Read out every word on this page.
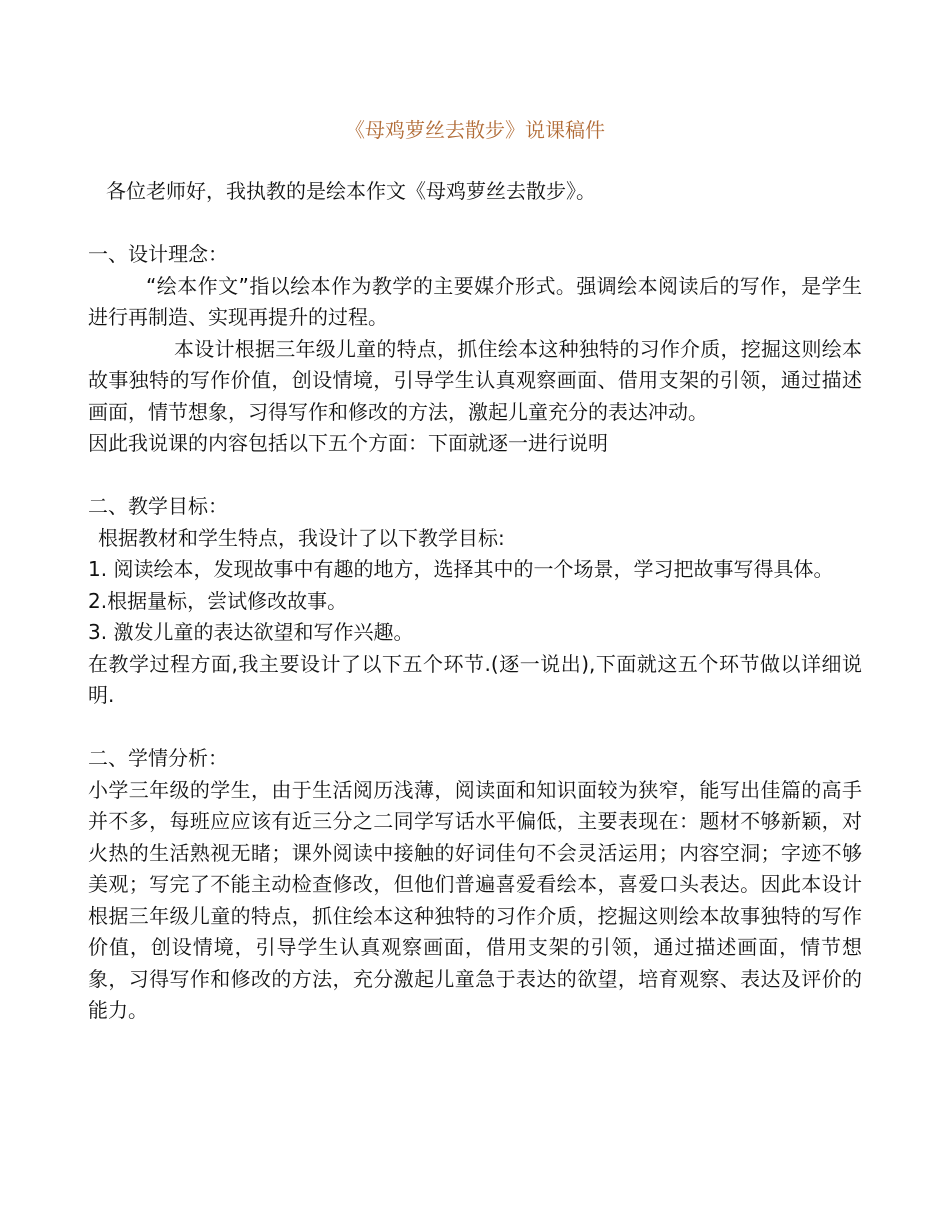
《母鸡萝丝去散步》说课稿件

各位老师好，我执教的是绘本作文《母鸡萝丝去散步》。

一、设计理念：

“绘本作文”指以绘本作为教学的主要媒介形式。强调绘本阅读后的写作，是学生进行再制造、实现再提升的过程。

本设计根据三年级儿童的特点，抓住绘本这种独特的习作介质，挖掘这则绘本故事独特的写作价值，创设情境，引导学生认真观察画面、借用支架的引领，通过描述画面，情节想象，习得写作和修改的方法，激起儿童充分的表达冲动。

因此我说课的内容包括以下五个方面：下面就逐一进行说明

二、教学目标：

根据教材和学生特点，我设计了以下教学目标:

1. 阅读绘本，发现故事中有趣的地方，选择其中的一个场景，学习把故事写得具体。

2.根据量标，尝试修改故事。

3. 激发儿童的表达欲望和写作兴趣。

在教学过程方面,我主要设计了以下五个环节.(逐一说出),下面就这五个环节做以详细说明.

二、学情分析：

小学三年级的学生，由于生活阅历浅薄，阅读面和知识面较为狭窄，能写出佳篇的高手并不多，每班应应该有近三分之二同学写话水平偏低，主要表现在：题材不够新颖，对火热的生活熟视无睹；课外阅读中接触的好词佳句不会灵活运用；内容空洞；字迹不够美观；写完了不能主动检查修改，但他们普遍喜爱看绘本，喜爱口头表达。因此本设计根据三年级儿童的特点，抓住绘本这种独特的习作介质，挖掘这则绘本故事独特的写作价值，创设情境，引导学生认真观察画面，借用支架的引领，通过描述画面，情节想象，习得写作和修改的方法，充分激起儿童急于表达的欲望，培育观察、表达及评价的能力。
